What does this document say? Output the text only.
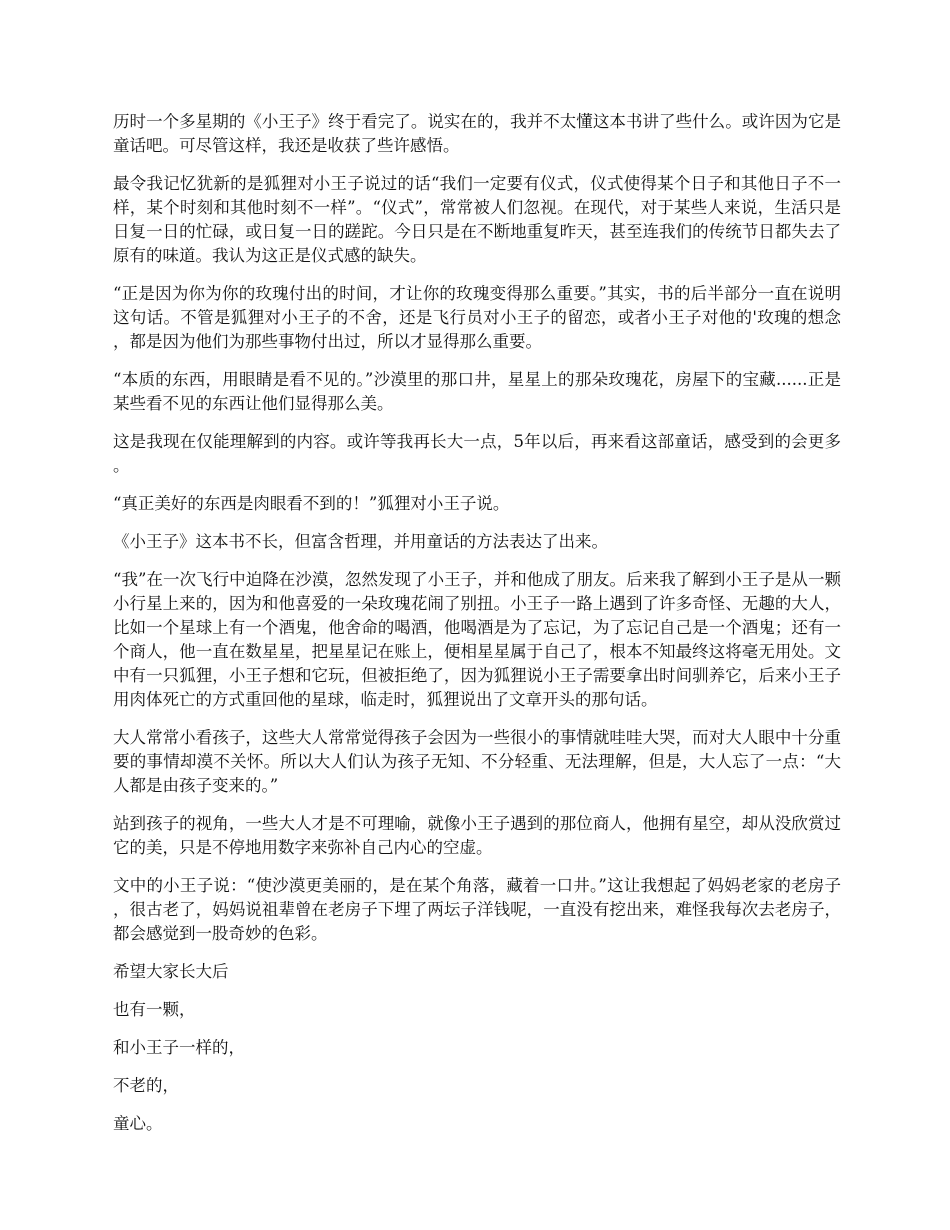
历时一个多星期的《小王子》终于看完了。说实在的，我并不太懂这本书讲了些什么。或许因为它是童话吧。可尽管这样，我还是收获了些许感悟。

最令我记忆犹新的是狐狸对小王子说过的话“我们一定要有仪式，仪式使得某个日子和其他日子不一样，某个时刻和其他时刻不一样”。“仪式”，常常被人们忽视。在现代，对于某些人来说，生活只是日复一日的忙碌，或日复一日的蹉跎。今日只是在不断地重复昨天，甚至连我们的传统节日都失去了原有的味道。我认为这正是仪式感的缺失。

“正是因为你为你的玫瑰付出的时间，才让你的玫瑰变得那么重要。”其实，书的后半部分一直在说明这句话。不管是狐狸对小王子的不舍，还是飞行员对小王子的留恋，或者小王子对他的'玫瑰的想念，都是因为他们为那些事物付出过，所以才显得那么重要。

“本质的东西，用眼睛是看不见的。”沙漠里的那口井，星星上的那朵玫瑰花，房屋下的宝藏......正是某些看不见的东西让他们显得那么美。

这是我现在仅能理解到的内容。或许等我再长大一点，5年以后，再来看这部童话，感受到的会更多。

“真正美好的东西是肉眼看不到的！”狐狸对小王子说。

《小王子》这本书不长，但富含哲理，并用童话的方法表达了出来。

“我”在一次飞行中迫降在沙漠，忽然发现了小王子，并和他成了朋友。后来我了解到小王子是从一颗小行星上来的，因为和他喜爱的一朵玫瑰花闹了别扭。小王子一路上遇到了许多奇怪、无趣的大人，比如一个星球上有一个酒鬼，他舍命的喝酒，他喝酒是为了忘记，为了忘记自己是一个酒鬼；还有一个商人，他一直在数星星，把星星记在账上，便相星星属于自己了，根本不知最终这将毫无用处。文中有一只狐狸，小王子想和它玩，但被拒绝了，因为狐狸说小王子需要拿出时间驯养它，后来小王子用肉体死亡的方式重回他的星球，临走时，狐狸说出了文章开头的那句话。

大人常常小看孩子，这些大人常常觉得孩子会因为一些很小的事情就哇哇大哭，而对大人眼中十分重要的事情却漠不关怀。所以大人们认为孩子无知、不分轻重、无法理解，但是，大人忘了一点：“大人都是由孩子变来的。”

站到孩子的视角，一些大人才是不可理喻，就像小王子遇到的那位商人，他拥有星空，却从没欣赏过它的美，只是不停地用数字来弥补自己内心的空虚。

文中的小王子说：“使沙漠更美丽的，是在某个角落，藏着一口井。”这让我想起了妈妈老家的老房子，很古老了，妈妈说祖辈曾在老房子下埋了两坛子洋钱呢，一直没有挖出来，难怪我每次去老房子，都会感觉到一股奇妙的色彩。

希望大家长大后

也有一颗，

和小王子一样的，

不老的，

童心。
